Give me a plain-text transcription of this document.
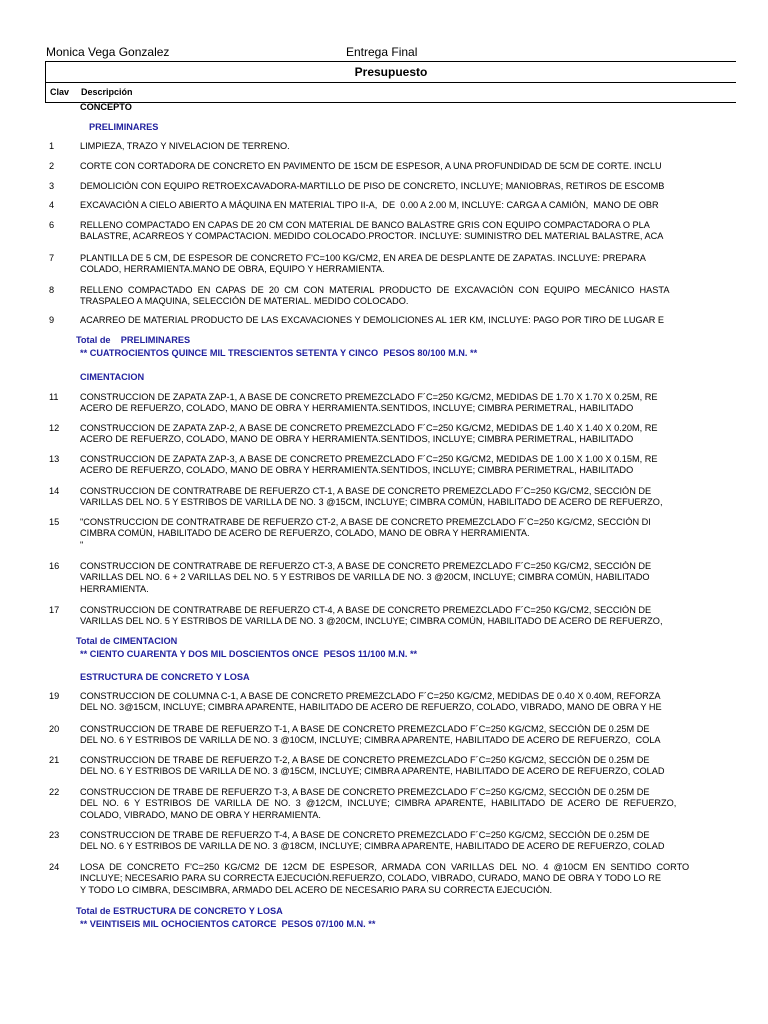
Monica Vega Gonzalez	Entrega Final
Presupuesto
Clav Descripción
CONCEPTO
PRELIMINARES
1	LIMPIEZA, TRAZO Y NIVELACION DE TERRENO.
2	CORTE CON CORTADORA DE CONCRETO EN PAVIMENTO DE 15CM DE ESPESOR, A UNA PROFUNDIDAD DE 5CM DE CORTE. INCLU
3	DEMOLICIÓN CON EQUIPO RETROEXCAVADORA-MARTILLO DE PISO DE CONCRETO, INCLUYE; MANIOBRAS, RETIROS DE ESCOMB
4	EXCAVACIÓN A CIELO ABIERTO A MÁQUINA EN MATERIAL TIPO II-A,  DE  0.00 A 2.00 M, INCLUYE: CARGA A CAMIÓN,  MANO DE OBR
6	RELLENO COMPACTADO EN CAPAS DE 20 CM CON MATERIAL DE BANCO BALASTRE GRIS CON EQUIPO COMPACTADORA O PLA
BALASTRE, ACARREOS Y COMPACTACION. MEDIDO COLOCADO.PROCTOR. INCLUYE: SUMINISTRO DEL MATERIAL BALASTRE, ACA
7	PLANTILLA DE 5 CM, DE ESPESOR DE CONCRETO F'C=100 KG/CM2, EN AREA DE DESPLANTE DE ZAPATAS. INCLUYE: PREPARA
COLADO, HERRAMIENTA.MANO DE OBRA, EQUIPO Y HERRAMIENTA.
8	RELLENO  COMPACTADO  EN  CAPAS  DE  20  CM  CON  MATERIAL  PRODUCTO  DE  EXCAVACIÓN  CON  EQUIPO  MECÁNICO  HASTA
TRASPALEO A MAQUINA, SELECCIÓN DE MATERIAL. MEDIDO COLOCADO.
9	ACARREO DE MATERIAL PRODUCTO DE LAS EXCAVACIONES Y DEMOLICIONES AL 1ER KM, INCLUYE: PAGO POR TIRO DE LUGAR E
Total de    PRELIMINARES
** CUATROCIENTOS QUINCE MIL TRESCIENTOS SETENTA Y CINCO  PESOS 80/100 M.N. **
CIMENTACION
11 CONSTRUCCION DE ZAPATA ZAP-1, A BASE DE CONCRETO PREMEZCLADO F´C=250 KG/CM2, MEDIDAS DE 1.70 X 1.70 X 0.25M, RE
ACERO DE REFUERZO, COLADO, MANO DE OBRA Y HERRAMIENTA.SENTIDOS, INCLUYE; CIMBRA PERIMETRAL, HABILITADO
12 CONSTRUCCION DE ZAPATA ZAP-2, A BASE DE CONCRETO PREMEZCLADO F´C=250 KG/CM2, MEDIDAS DE 1.40 X 1.40 X 0.20M, RE
ACERO DE REFUERZO, COLADO, MANO DE OBRA Y HERRAMIENTA.SENTIDOS, INCLUYE; CIMBRA PERIMETRAL, HABILITADO
13 CONSTRUCCION DE ZAPATA ZAP-3, A BASE DE CONCRETO PREMEZCLADO F´C=250 KG/CM2, MEDIDAS DE 1.00 X 1.00 X 0.15M, RE
ACERO DE REFUERZO, COLADO, MANO DE OBRA Y HERRAMIENTA.SENTIDOS, INCLUYE; CIMBRA PERIMETRAL, HABILITADO
14 CONSTRUCCION DE CONTRATRABE DE REFUERZO CT-1, A BASE DE CONCRETO PREMEZCLADO F´C=250 KG/CM2, SECCIÓN DE
VARILLAS DEL NO. 5 Y ESTRIBOS DE VARILLA DE NO. 3 @15CM, INCLUYE; CIMBRA COMÚN, HABILITADO DE ACERO DE REFUERZO,
15 "CONSTRUCCION DE CONTRATRABE DE REFUERZO CT-2, A BASE DE CONCRETO PREMEZCLADO F´C=250 KG/CM2, SECCIÓN DI
CIMBRA COMÚN, HABILITADO DE ACERO DE REFUERZO, COLADO, MANO DE OBRA Y HERRAMIENTA.
"
16 CONSTRUCCION DE CONTRATRABE DE REFUERZO CT-3, A BASE DE CONCRETO PREMEZCLADO F´C=250 KG/CM2, SECCIÓN DE
VARILLAS DEL NO. 6 + 2 VARILLAS DEL NO. 5 Y ESTRIBOS DE VARILLA DE NO. 3 @20CM, INCLUYE; CIMBRA COMÚN, HABILITADO
HERRAMIENTA.
17 CONSTRUCCION DE CONTRATRABE DE REFUERZO CT-4, A BASE DE CONCRETO PREMEZCLADO F´C=250 KG/CM2, SECCIÓN DE
VARILLAS DEL NO. 5 Y ESTRIBOS DE VARILLA DE NO. 3 @20CM, INCLUYE; CIMBRA COMÚN, HABILITADO DE ACERO DE REFUERZO,
Total de CIMENTACION
** CIENTO CUARENTA Y DOS MIL DOSCIENTOS ONCE  PESOS 11/100 M.N. **
ESTRUCTURA DE CONCRETO Y LOSA
19 CONSTRUCCION DE COLUMNA C-1, A BASE DE CONCRETO PREMEZCLADO F´C=250 KG/CM2, MEDIDAS DE 0.40 X 0.40M, REFORZA
DEL NO. 3@15CM, INCLUYE; CIMBRA APARENTE, HABILITADO DE ACERO DE REFUERZO, COLADO, VIBRADO, MANO DE OBRA Y HE
20 CONSTRUCCION DE TRABE DE REFUERZO T-1, A BASE DE CONCRETO PREMEZCLADO F´C=250 KG/CM2, SECCIÓN DE 0.25M DE
DEL NO. 6 Y ESTRIBOS DE VARILLA DE NO. 3 @10CM, INCLUYE; CIMBRA APARENTE, HABILITADO DE ACERO DE REFUERZO,  COLA
21 CONSTRUCCION DE TRABE DE REFUERZO T-2, A BASE DE CONCRETO PREMEZCLADO F´C=250 KG/CM2, SECCIÓN DE 0.25M DE
DEL NO. 6 Y ESTRIBOS DE VARILLA DE NO. 3 @15CM, INCLUYE; CIMBRA APARENTE, HABILITADO DE ACERO DE REFUERZO, COLAD
22 CONSTRUCCION DE TRABE DE REFUERZO T-3, A BASE DE CONCRETO PREMEZCLADO F´C=250 KG/CM2, SECCIÓN DE 0.25M DE
DEL  NO.  6  Y  ESTRIBOS  DE  VARILLA  DE  NO.  3  @12CM,  INCLUYE;  CIMBRA  APARENTE,  HABILITADO  DE  ACERO  DE  REFUERZO,
COLADO, VIBRADO, MANO DE OBRA Y HERRAMIENTA.
23 CONSTRUCCION DE TRABE DE REFUERZO T-4, A BASE DE CONCRETO PREMEZCLADO F´C=250 KG/CM2, SECCIÓN DE 0.25M DE
DEL NO. 6 Y ESTRIBOS DE VARILLA DE NO. 3 @18CM, INCLUYE; CIMBRA APARENTE, HABILITADO DE ACERO DE REFUERZO, COLAD
24 LOSA  DE  CONCRETO  F'C=250  KG/CM2  DE  12CM  DE  ESPESOR,  ARMADA  CON  VARILLAS  DEL  NO.  4  @10CM  EN  SENTIDO  CORTO
INCLUYE; NECESARIO PARA SU CORRECTA EJECUCIÓN.REFUERZO, COLADO, VIBRADO, CURADO, MANO DE OBRA Y TODO LO RE
Y TODO LO CIMBRA, DESCIMBRA, ARMADO DEL ACERO DE NECESARIO PARA SU CORRECTA EJECUCIÓN.
Total de ESTRUCTURA DE CONCRETO Y LOSA
** VEINTISEIS MIL OCHOCIENTOS CATORCE  PESOS 07/100 M.N. **
